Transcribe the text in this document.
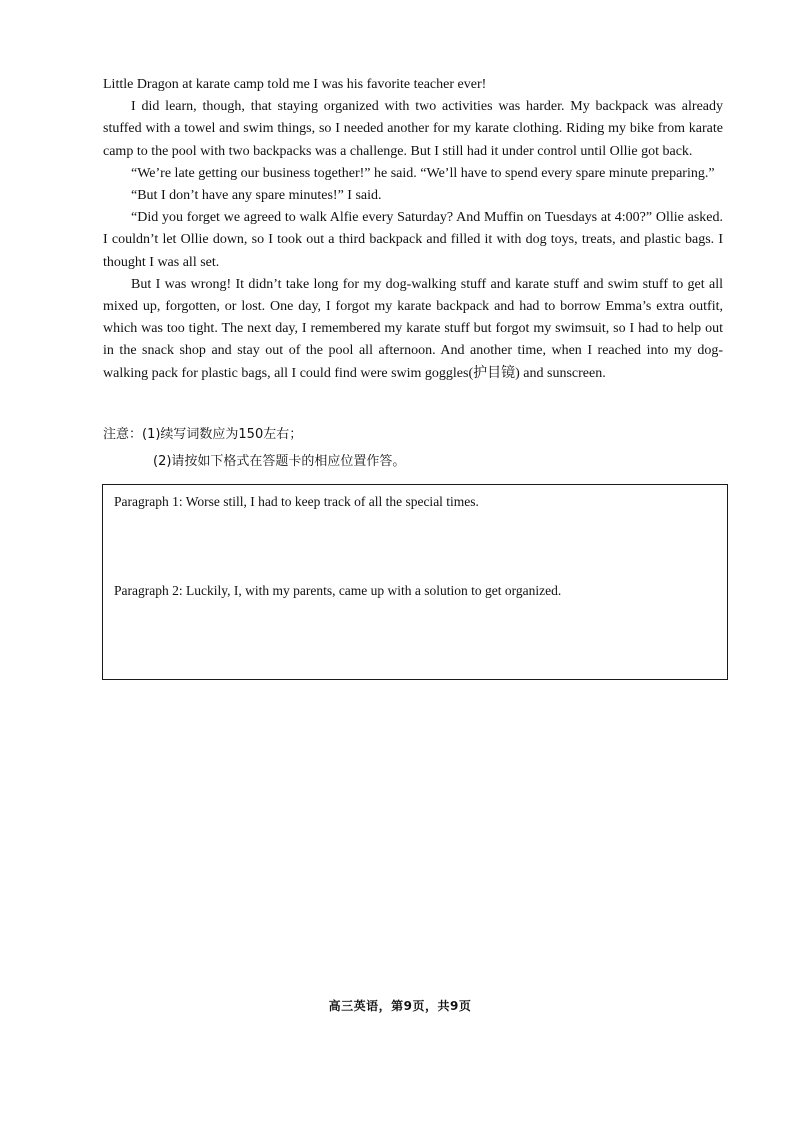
Little Dragon at karate camp told me I was his favorite teacher ever!

I did learn, though, that staying organized with two activities was harder. My backpack was already stuffed with a towel and swim things, so I needed another for my karate clothing. Riding my bike from karate camp to the pool with two backpacks was a challenge. But I still had it under control until Ollie got back.

“We’re late getting our business together!” he said. “We’ll have to spend every spare minute preparing.”

“But I don’t have any spare minutes!” I said.

“Did you forget we agreed to walk Alfie every Saturday? And Muffin on Tuesdays at 4:00?” Ollie asked. I couldn’t let Ollie down, so I took out a third backpack and filled it with dog toys, treats, and plastic bags. I thought I was all set.

But I was wrong! It didn’t take long for my dog-walking stuff and karate stuff and swim stuff to get all mixed up, forgotten, or lost. One day, I forgot my karate backpack and had to borrow Emma’s extra outfit, which was too tight. The next day, I remembered my karate stuff but forgot my swimsuit, so I had to help out in the snack shop and stay out of the pool all afternoon. And another time, when I reached into my dog-walking pack for plastic bags, all I could find were swim goggles(护目镜) and sunscreen.

注意：(1)续写词数应为150左右；

(2)请按如下格式在答题卡的相应位置作答。

Paragraph 1: Worse still, I had to keep track of all the special times.
Paragraph 2: Luckily, I, with my parents, came up with a solution to get organized.
高三英语，第9页，共9页
